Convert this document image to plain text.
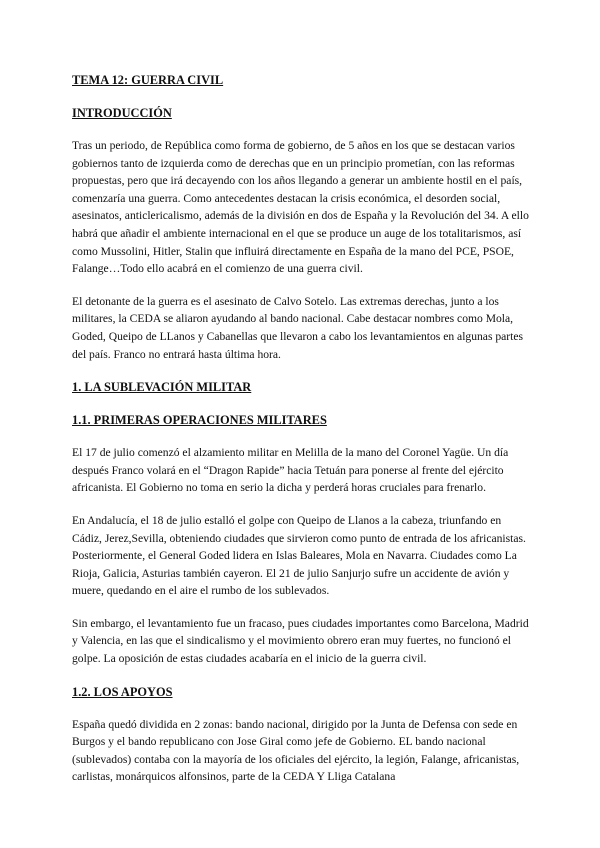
TEMA 12: GUERRA CIVIL
INTRODUCCIÓN

Tras un periodo, de República como forma de gobierno, de 5 años en los que se destacan varios gobiernos tanto de izquierda como de derechas que en un principio prometían, con las reformas propuestas, pero que irá decayendo con los años llegando a generar un ambiente hostil en el país, comenzaría una guerra. Como antecedentes destacan la crisis económica, el desorden social, asesinatos, anticlericalismo, además de la división en dos de España y la Revolución del 34. A ello habrá que añadir el ambiente internacional en el que se produce un auge de los totalitarismos, así como Mussolini, Hitler, Stalin que influirá directamente en España de la mano del PCE, PSOE, Falange…Todo ello acabrá en el comienzo de una guerra civil.

El detonante de la guerra es el asesinato de Calvo Sotelo. Las extremas derechas, junto a los militares, la CEDA se aliaron ayudando al bando nacional. Cabe destacar nombres como Mola, Goded, Queipo de LLanos y Cabanellas que llevaron a cabo los levantamientos en algunas partes del país. Franco no entrará hasta última hora.

1. LA SUBLEVACIÓN MILITAR
1.1. PRIMERAS OPERACIONES MILITARES

El 17 de julio comenzó el alzamiento militar en Melilla de la mano del Coronel Yagüe. Un día después Franco volará en el “Dragon Rapide” hacia Tetuán para ponerse al frente del ejército africanista. El Gobierno no toma en serio la dicha y perderá horas cruciales para frenarlo.

En Andalucía, el 18 de julio estalló el golpe con Queipo de Llanos a la cabeza, triunfando en Cádiz, Jerez,Sevilla, obteniendo ciudades que sirvieron como punto de entrada de los africanistas. Posteriormente, el General Goded lidera en Islas Baleares, Mola en Navarra. Ciudades como La Rioja, Galicia, Asturias también cayeron. El 21 de julio Sanjurjo sufre un accidente de avión y muere, quedando en el aire el rumbo de los sublevados.

Sin embargo, el levantamiento fue un fracaso, pues ciudades importantes como Barcelona, Madrid y Valencia, en las que el sindicalismo y el movimiento obrero eran muy fuertes, no funcionó el golpe. La oposición de estas ciudades acabaría en el inicio de la guerra civil.

1.2. LOS APOYOS

España quedó dividida en 2 zonas: bando nacional, dirigido por la Junta de Defensa con sede en Burgos y el bando republicano con Jose Giral como jefe de Gobierno. EL bando nacional (sublevados) contaba con la mayoría de los oficiales del ejército, la legión, Falange, africanistas, carlistas, monárquicos alfonsinos, parte de la CEDA Y Lliga Catalana
